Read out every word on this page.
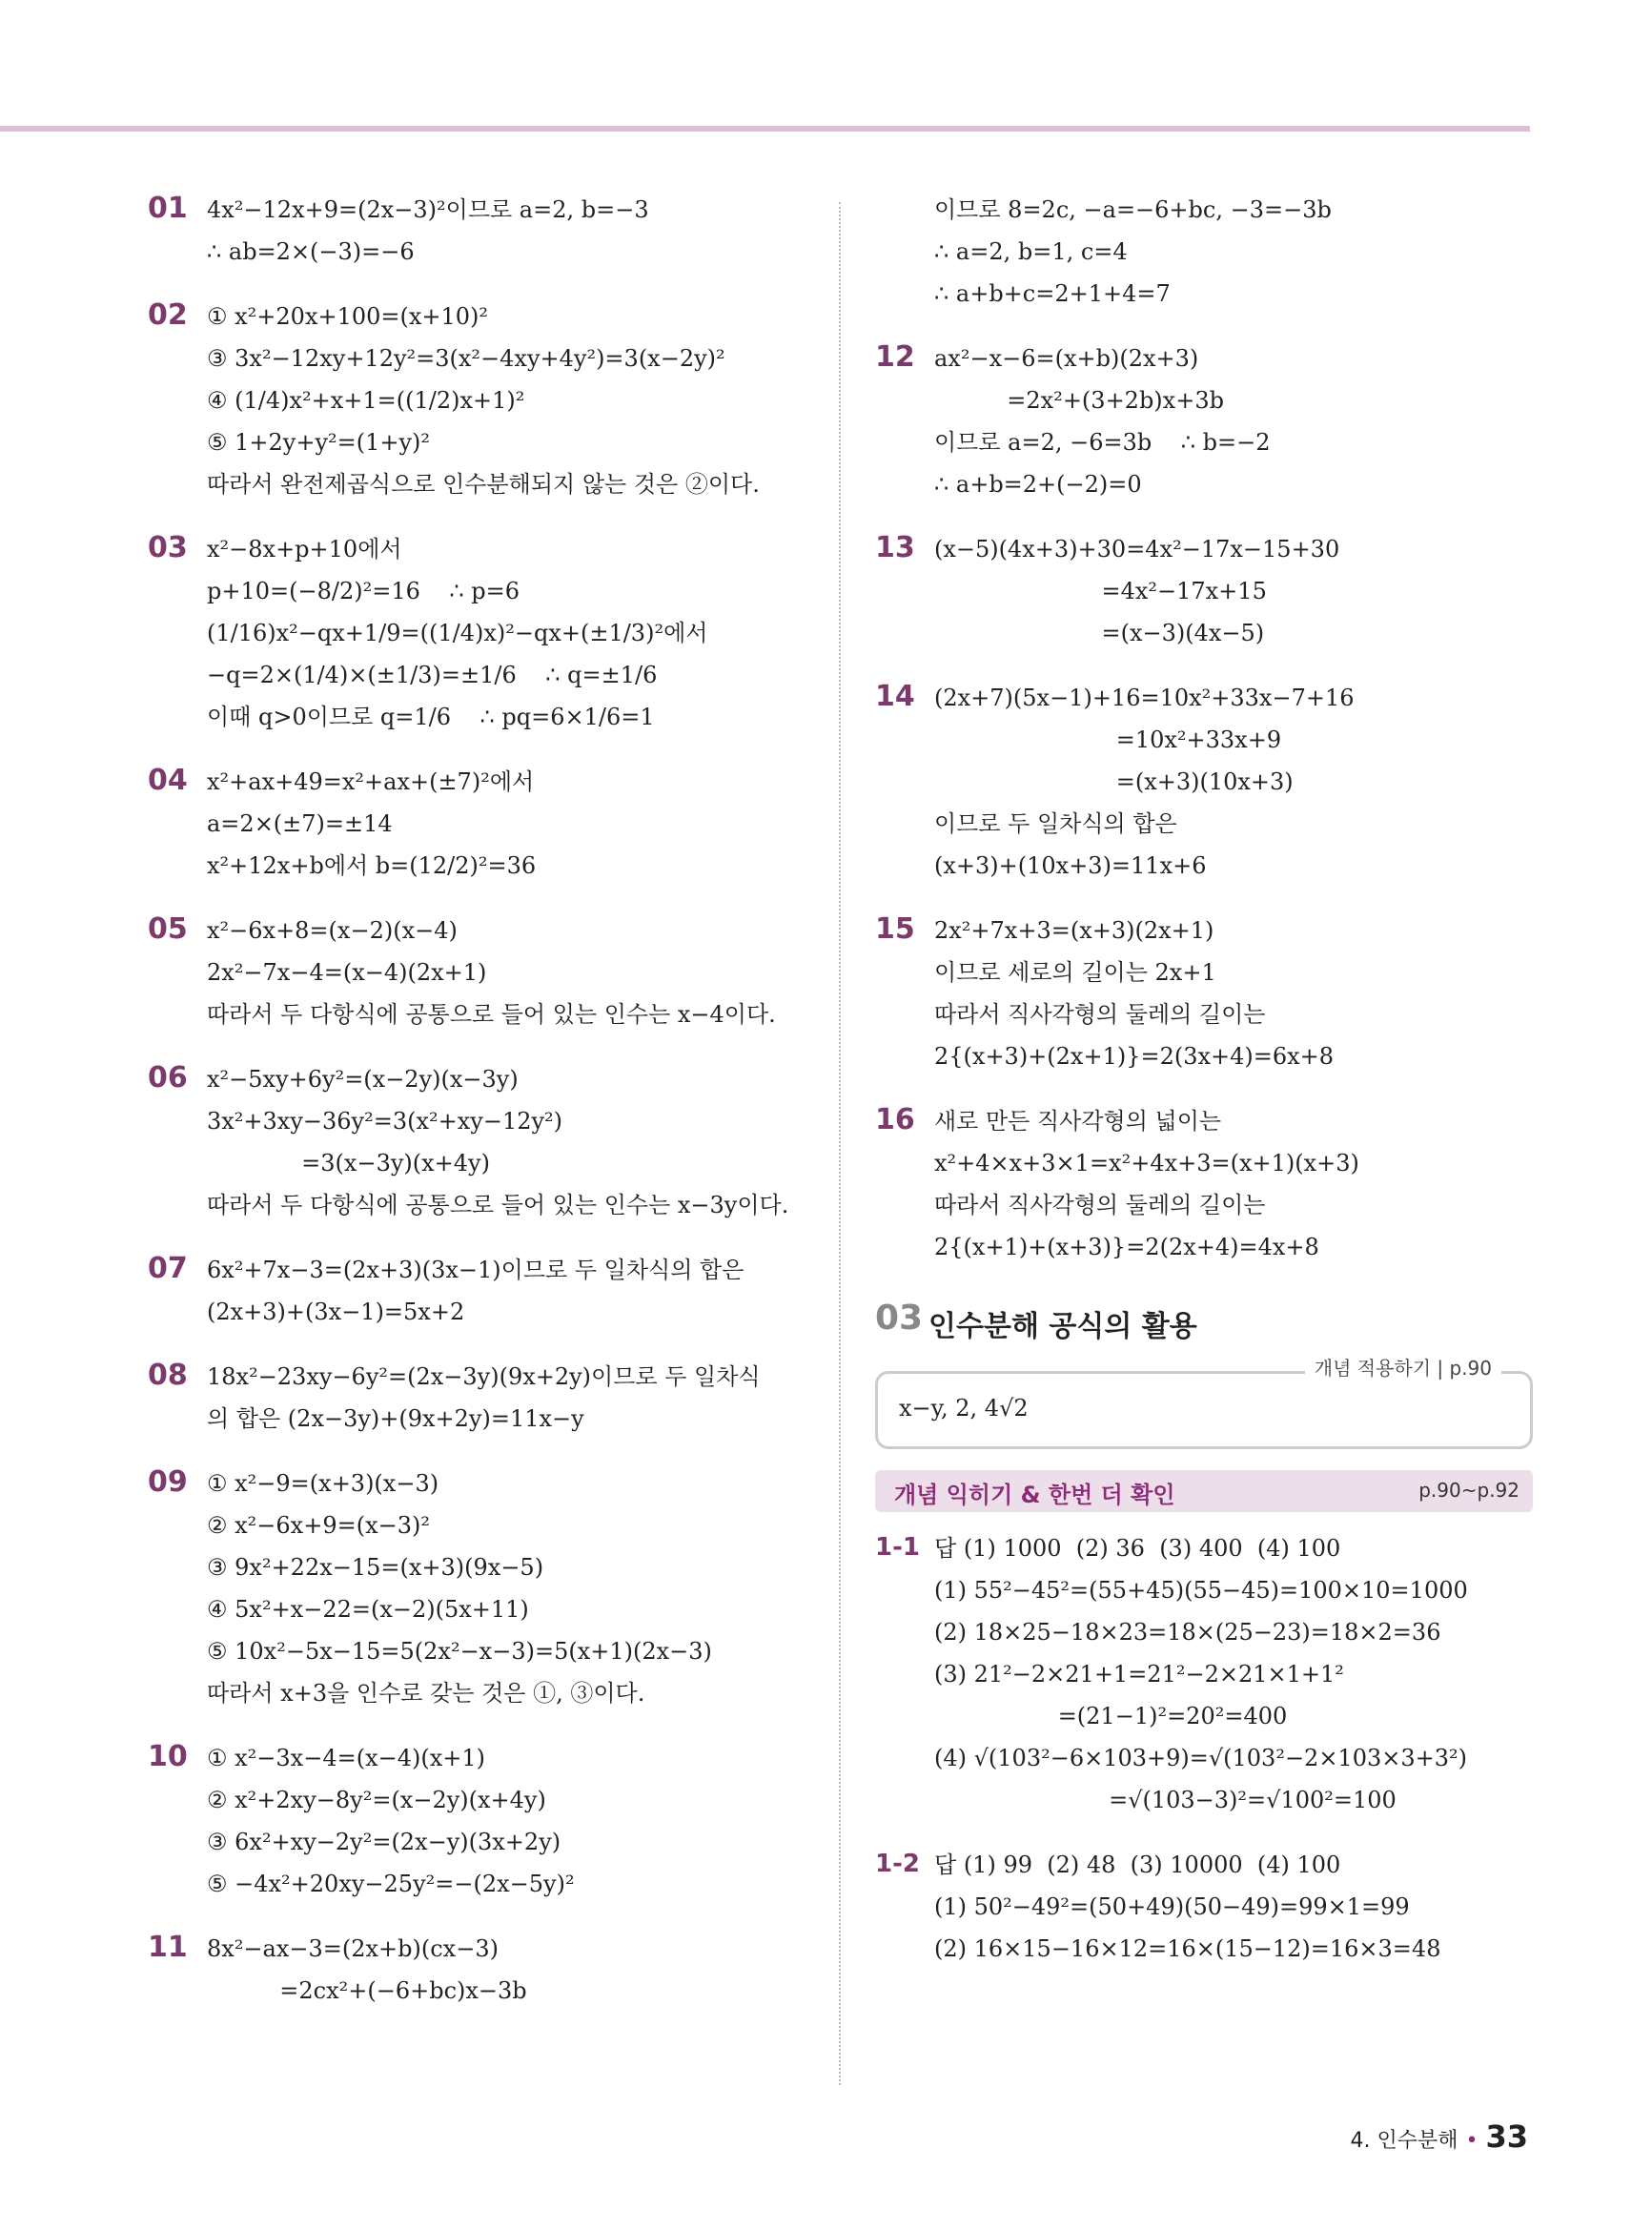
01 4x²−12x+9=(2x−3)²이므로 a=2, b=−3
∴ ab=2×(−3)=−6
02 ① x²+20x+100=(x+10)²
③ 3x²−12xy+12y²=3(x²−4xy+4y²)=3(x−2y)²
④ (1/4)x²+x+1=((1/2)x+1)²
⑤ 1+2y+y²=(1+y)²
따라서 완전제곱식으로 인수분해되지 않는 것은 ②이다.
03 x²−8x+p+10에서
p+10=(−8/2)²=16    ∴ p=6
(1/16)x²−qx+1/9=((1/4)x)²−qx+(±1/3)²에서
−q=2×(1/4)×(±1/3)=±1/6    ∴ q=±1/6
이때 q>0이므로 q=1/6    ∴ pq=6×1/6=1
04 x²+ax+49=x²+ax+(±7)²에서
a=2×(±7)=±14
x²+12x+b에서 b=(12/2)²=36
05 x²−6x+8=(x−2)(x−4)
2x²−7x−4=(x−4)(2x+1)
따라서 두 다항식에 공통으로 들어 있는 인수는 x−4이다.
06 x²−5xy+6y²=(x−2y)(x−3y)
3x²+3xy−36y²=3(x²+xy−12y²)
=3(x−3y)(x+4y)
따라서 두 다항식에 공통으로 들어 있는 인수는 x−3y이다.
07 6x²+7x−3=(2x+3)(3x−1)이므로 두 일차식의 합은
(2x+3)+(3x−1)=5x+2
08 18x²−23xy−6y²=(2x−3y)(9x+2y)이므로 두 일차식
의 합은 (2x−3y)+(9x+2y)=11x−y
09 ① x²−9=(x+3)(x−3)
② x²−6x+9=(x−3)²
③ 9x²+22x−15=(x+3)(9x−5)
④ 5x²+x−22=(x−2)(5x+11)
⑤ 10x²−5x−15=5(2x²−x−3)=5(x+1)(2x−3)
따라서 x+3을 인수로 갖는 것은 ①, ③이다.
10 ① x²−3x−4=(x−4)(x+1)
② x²+2xy−8y²=(x−2y)(x+4y)
③ 6x²+xy−2y²=(2x−y)(3x+2y)
⑤ −4x²+20xy−25y²=−(2x−5y)²
11 8x²−ax−3=(2x+b)(cx−3)
=2cx²+(−6+bc)x−3b
이므로 8=2c, −a=−6+bc, −3=−3b
∴ a=2, b=1, c=4
∴ a+b+c=2+1+4=7
12 ax²−x−6=(x+b)(2x+3)
=2x²+(3+2b)x+3b
이므로 a=2, −6=3b    ∴ b=−2
∴ a+b=2+(−2)=0
13 (x−5)(4x+3)+30=4x²−17x−15+30
=4x²−17x+15
=(x−3)(4x−5)
14 (2x+7)(5x−1)+16=10x²+33x−7+16
=10x²+33x+9
=(x+3)(10x+3)
이므로 두 일차식의 합은
(x+3)+(10x+3)=11x+6
15 2x²+7x+3=(x+3)(2x+1)
이므로 세로의 길이는 2x+1
따라서 직사각형의 둘레의 길이는
2{(x+3)+(2x+1)}=2(3x+4)=6x+8
16 새로 만든 직사각형의 넓이는
x²+4×x+3×1=x²+4x+3=(x+1)(x+3)
따라서 직사각형의 둘레의 길이는
2{(x+1)+(x+3)}=2(2x+4)=4x+8
03 인수분해 공식의 활용
개념 적용하기 | p.90
x−y, 2, 4√2
개념 익히기 & 한번 더 확인	p.90~p.92
1-1 답 (1) 1000  (2) 36  (3) 400  (4) 100
(1) 55²−45²=(55+45)(55−45)=100×10=1000
(2) 18×25−18×23=18×(25−23)=18×2=36
(3) 21²−2×21+1=21²−2×21×1+1²
=(21−1)²=20²=400
(4) √(103²−6×103+9)=√(103²−2×103×3+3²)
=√(103−3)²=√100²=100
1-2 답 (1) 99  (2) 48  (3) 10000  (4) 100
(1) 50²−49²=(50+49)(50−49)=99×1=99
(2) 16×15−16×12=16×(15−12)=16×3=48
4. 인수분해 • 33
